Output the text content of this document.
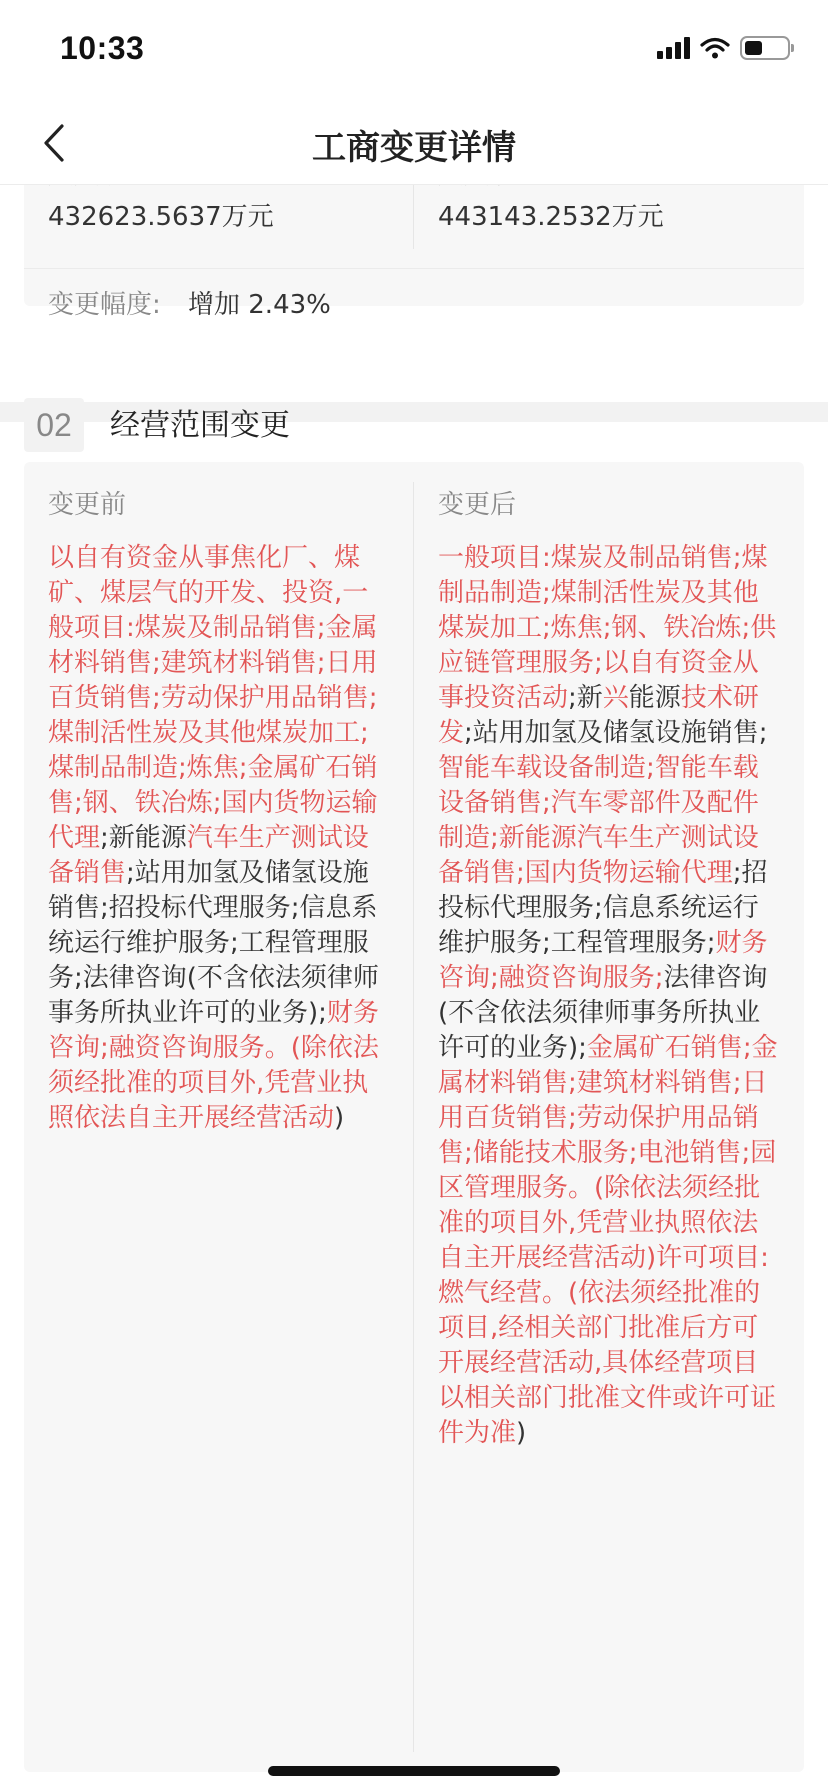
10:33
工商变更详情
432623.5637万元	443143.2532万元
变更幅度: 增加 2.43%
02	经营范围变更
变更前
以自有资金从事焦化厂、煤矿、煤层气的开发、投资,一般项目:煤炭及制品销售;金属材料销售;建筑材料销售;日用百货销售;劳动保护用品销售;煤制活性炭及其他煤炭加工;煤制品制造;炼焦;金属矿石销售;钢、铁冶炼;国内货物运输代理;新能源汽车生产测试设备销售;站用加氢及储氢设施销售;招投标代理服务;信息系统运行维护服务;工程管理服务;法律咨询(不含依法须律师事务所执业许可的业务);财务咨询;融资咨询服务。(除依法须经批准的项目外,凭营业执照依法自主开展经营活动)
变更后
一般项目:煤炭及制品销售;煤制品制造;煤制活性炭及其他煤炭加工;炼焦;钢、铁冶炼;供应链管理服务;以自有资金从事投资活动;新兴能源技术研发;站用加氢及储氢设施销售;智能车载设备制造;智能车载设备销售;汽车零部件及配件制造;新能源汽车生产测试设备销售;国内货物运输代理;招投标代理服务;信息系统运行维护服务;工程管理服务;财务咨询;融资咨询服务;法律咨询(不含依法须律师事务所执业许可的业务);金属矿石销售;金属材料销售;建筑材料销售;日用百货销售;劳动保护用品销售;储能技术服务;电池销售;园区管理服务。(除依法须经批准的项目外,凭营业执照依法自主开展经营活动)许可项目:燃气经营。(依法须经批准的项目,经相关部门批准后方可开展经营活动,具体经营项目以相关部门批准文件或许可证件为准)
